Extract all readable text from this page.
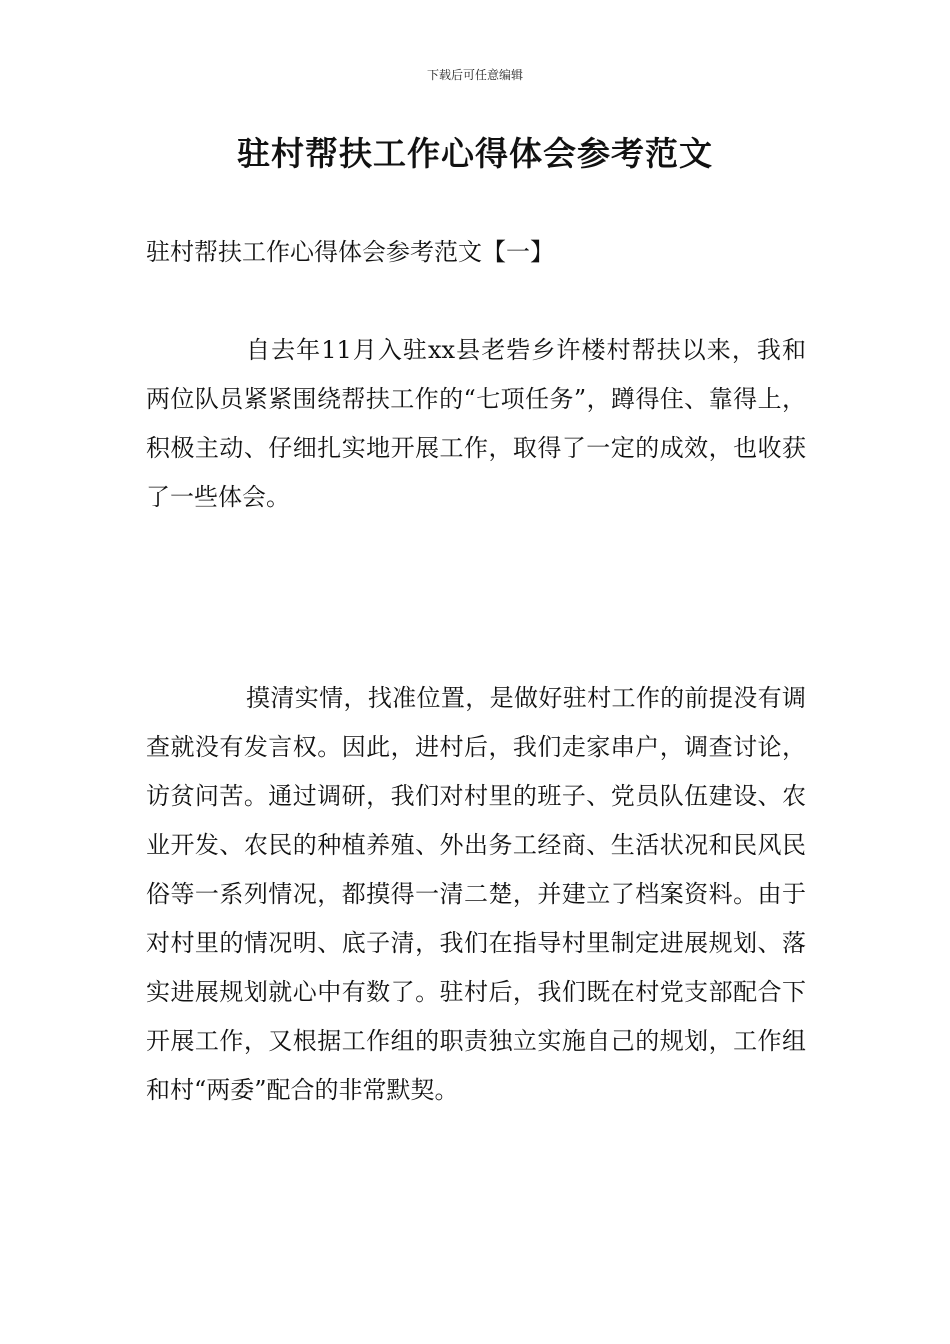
下载后可任意编辑
驻村帮扶工作心得体会参考范文
驻村帮扶工作心得体会参考范文【一】

自去年11月入驻xx县老砦乡许楼村帮扶以来，我和两位队员紧紧围绕帮扶工作的“七项任务”，蹲得住、靠得上，积极主动、仔细扎实地开展工作，取得了一定的成效，也收获了一些体会。

摸清实情，找准位置，是做好驻村工作的前提没有调查就没有发言权。因此，进村后，我们走家串户，调查讨论，访贫问苦。通过调研，我们对村里的班子、党员队伍建设、农业开发、农民的种植养殖、外出务工经商、生活状况和民风民俗等一系列情况，都摸得一清二楚，并建立了档案资料。由于对村里的情况明、底子清，我们在指导村里制定进展规划、落实进展规划就心中有数了。驻村后，我们既在村党支部配合下开展工作，又根据工作组的职责独立实施自己的规划，工作组和村“两委”配合的非常默契。
